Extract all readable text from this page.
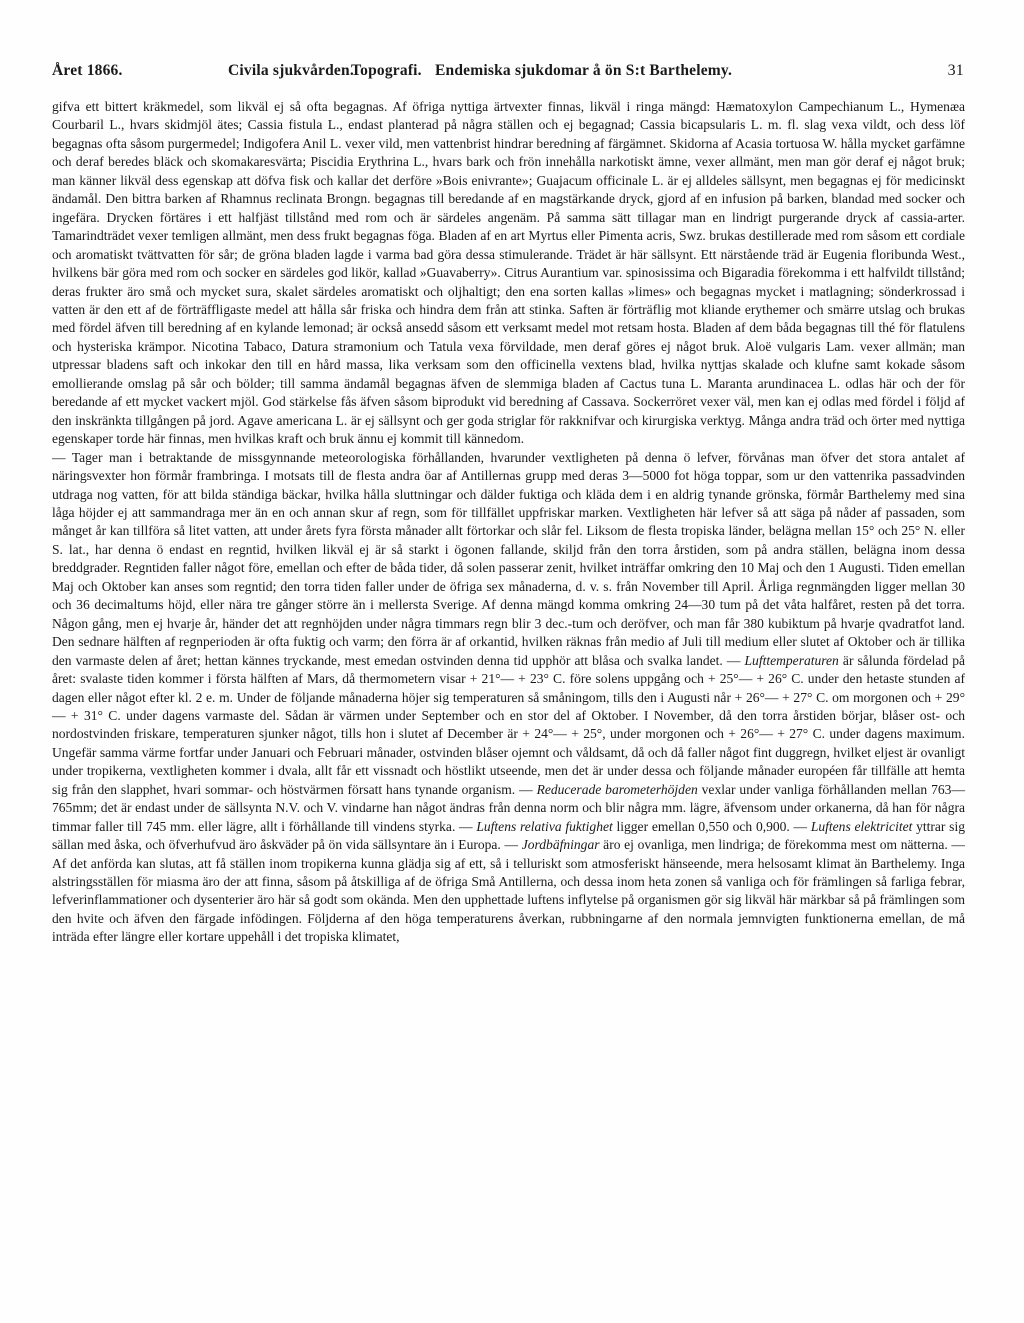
Året 1866.	Civila sjukvården.
Topografi. Endemiska sjukdomar å ön S:t Barthelemy.	31

gifva ett bittert kräkmedel, som likväl ej så ofta begagnas. Af öfriga nyttiga ärtvexter finnas, likväl i ringa mängd: Hæmatoxylon Campechianum L., Hymenæa Courbaril L., hvars skidmjöl ätes; Cassia fistula L., endast planterad på några ställen och ej begagnad; Cassia bicapsularis L. m. fl. slag vexa vildt, och dess löf begagnas ofta såsom purgermedel; Indigofera Anil L. vexer vild, men vattenbrist hindrar beredning af färgämnet. Skidorna af Acasia tortuosa W. hålla mycket garfämne och deraf beredes bläck och skomakaresvärta; Piscidia Erythrina L., hvars bark och frön innehålla narkotiskt ämne, vexer allmänt, men man gör deraf ej något bruk; man känner likväl dess egenskap att döfva fisk och kallar det derföre »Bois enivrante»; Guajacum officinale L. är ej alldeles sällsynt, men begagnas ej för medicinskt ändamål. Den bittra barken af Rhamnus reclinata Brongn. begagnas till beredande af en magstärkande dryck, gjord af en infusion på barken, blandad med socker och ingefära. Drycken förtäres i ett halfjäst tillstånd med rom och är särdeles angenäm. På samma sätt tillagar man en lindrigt purgerande dryck af cassia-arter. Tamarindträdet vexer temligen allmänt, men dess frukt begagnas föga. Bladen af en art Myrtus eller Pimenta acris, Swz. brukas destillerade med rom såsom ett cordiale och aromatiskt tvättvatten för sår; de gröna bladen lagde i varma bad göra dessa stimulerande. Trädet är här sällsynt. Ett närstående träd är Eugenia floribunda West., hvilkens bär göra med rom och socker en särdeles god likör, kallad »Guavaberry». Citrus Aurantium var. spinosissima och Bigaradia förekomma i ett halfvildt tillstånd; deras frukter äro små och mycket sura, skalet särdeles aromatiskt och oljhaltigt; den ena sorten kallas »limes» och begagnas mycket i matlagning; sönderkrossad i vatten är den ett af de förträffligaste medel att hålla sår friska och hindra dem från att stinka. Saften är förträflig mot kliande erythemer och smärre utslag och brukas med fördel äfven till beredning af en kylande lemonad; är också ansedd såsom ett verksamt medel mot retsam hosta. Bladen af dem båda begagnas till thé för flatulens och hysteriska krämpor. Nicotina Tabaco, Datura stramonium och Tatula vexa förvildade, men deraf göres ej något bruk. Aloë vulgaris Lam. vexer allmän; man utpressar bladens saft och inkokar den till en hård massa, lika verksam som den officinella vextens blad, hvilka nyttjas skalade och klufne samt kokade såsom emollierande omslag på sår och bölder; till samma ändamål begagnas äfven de slemmiga bladen af Cactus tuna L. Maranta arundinacea L. odlas här och der för beredande af ett mycket vackert mjöl. God stärkelse fås äfven såsom biprodukt vid beredning af Cassava. Sockerröret vexer väl, men kan ej odlas med fördel i följd af den inskränkta tillgången på jord. Agave americana L. är ej sällsynt och ger goda striglar för rakknifvar och kirurgiska verktyg. Många andra träd och örter med nyttiga egenskaper torde här finnas, men hvilkas kraft och bruk ännu ej kommit till kännedom.

— Tager man i betraktande de missgynnande meteorologiska förhållanden, hvarunder vextligheten på denna ö lefver, förvånas man öfver det stora antalet af näringsvexter hon förmår frambringa. I motsats till de flesta andra öar af Antillernas grupp med deras 3—5000 fot höga toppar, som ur den vattenrika passadvinden utdraga nog vatten, för att bilda ständiga bäckar, hvilka hålla sluttningar och dälder fuktiga och kläda dem i en aldrig tynande grönska, förmår Barthelemy med sina låga höjder ej att sammandraga mer än en och annan skur af regn, som för tillfället uppfriskar marken. Vextligheten här lefver så att säga på nåder af passaden, som månget år kan tillföra så litet vatten, att under årets fyra första månader allt förtorkar och slår fel. Liksom de flesta tropiska länder, belägna mellan 15° och 25° N. eller S. lat., har denna ö endast en regntid, hvilken likväl ej är så starkt i ögonen fallande, skiljd från den torra årstiden, som på andra ställen, belägna inom dessa breddgrader. Regntiden faller något före, emellan och efter de båda tider, då solen passerar zenit, hvilket inträffar omkring den 10 Maj och den 1 Augusti. Tiden emellan Maj och Oktober kan anses som regntid; den torra tiden faller under de öfriga sex månaderna, d. v. s. från November till April. Årliga regnmängden ligger mellan 30 och 36 decimaltums höjd, eller nära tre gånger större än i mellersta Sverige. Af denna mängd komma omkring 24—30 tum på det våta halfåret, resten på det torra. Någon gång, men ej hvarje år, händer det att regnhöjden under några timmars regn blir 3 dec.-tum och deröfver, och man får 380 kubiktum på hvarje qvadratfot land. Den sednare hälften af regnperioden är ofta fuktig och varm; den förra är af orkantid, hvilken räknas från medio af Juli till medium eller slutet af Oktober och är tillika den varmaste delen af året; hettan kännes tryckande, mest emedan ostvinden denna tid upphör att blåsa och svalka landet. — Lufttemperaturen är sålunda fördelad på året: svalaste tiden kommer i första hälften af Mars, då thermometern visar + 21°— + 23° C. före solens uppgång och + 25°— + 26° C. under den hetaste stunden af dagen eller något efter kl. 2 e. m. Under de följande månaderna höjer sig temperaturen så småningom, tills den i Augusti når + 26°— + 27° C. om morgonen och + 29°— + 31° C. under dagens varmaste del. Sådan är värmen under September och en stor del af Oktober. I November, då den torra årstiden börjar, blåser ost- och nordostvinden friskare, temperaturen sjunker något, tills hon i slutet af December är + 24°— + 25°, under morgonen och + 26°— + 27° C. under dagens maximum. Ungefär samma värme fortfar under Januari och Februari månader, ostvinden blåser ojemnt och våldsamt, då och då faller något fint duggregn, hvilket eljest är ovanligt under tropikerna, vextligheten kommer i dvala, allt får ett vissnadt och höstlikt utseende, men det är under dessa och följande månader européen får tillfälle att hemta sig från den slapphet, hvari sommar- och höstvärmen försatt hans tynande organism. — Reducerade barometerhöjden vexlar under vanliga förhållanden mellan 763—765mm; det är endast under de sällsynta N.V. och V. vindarne han något ändras från denna norm och blir några mm. lägre, äfvensom under orkanerna, då han för några timmar faller till 745 mm. eller lägre, allt i förhållande till vindens styrka. — Luftens relativa fuktighet ligger emellan 0,550 och 0,900. — Luftens elektricitet yttrar sig sällan med åska, och öfverhufvud äro åskväder på ön vida sällsyntare än i Europa. — Jordbäfningar äro ej ovanliga, men lindriga; de förekomma mest om nätterna. — Af det anförda kan slutas, att få ställen inom tropikerna kunna glädja sig af ett, så i telluriskt som atmosferiskt hänseende, mera helsosamt klimat än Barthelemy. Inga alstringsställen för miasma äro der att finna, såsom på åtskilliga af de öfriga Små Antillerna, och dessa inom heta zonen så vanliga och för främlingen så farliga febrar, lefverinflammationer och dysenterier äro här så godt som okända. Men den upphettade luftens inflytelse på organismen gör sig likväl här märkbar så på främlingen som den hvite och äfven den färgade infödingen. Följderna af den höga temperaturens åverkan, rubbningarne af den normala jemnvigten funktionerna emellan, de må inträda efter längre eller kortare uppehåll i det tropiska klimatet,
